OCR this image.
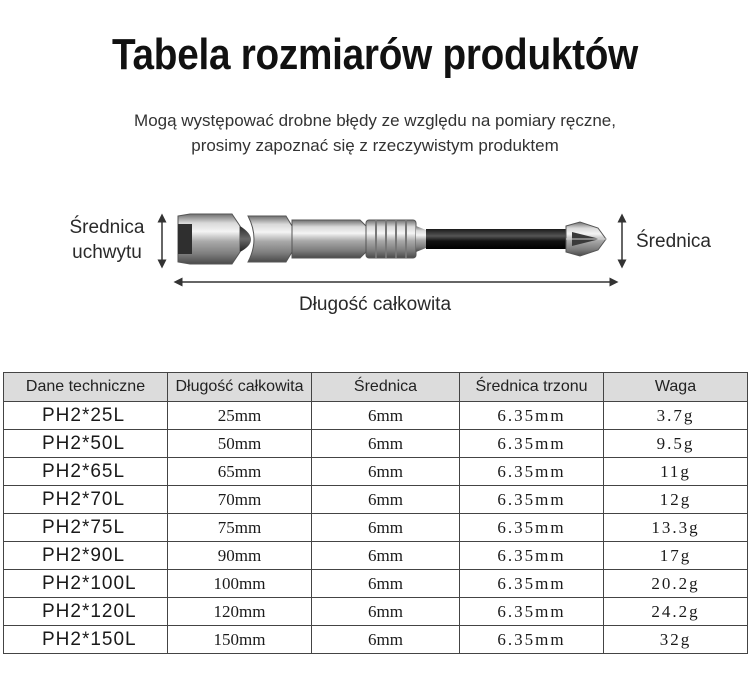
Tabela rozmiarów produktów
Mogą występować drobne błędy ze względu na pomiary ręczne,
prosimy zapoznać się z rzeczywistym produktem
Średnica
uchwytu
Średnica
Długość całkowita
Dane techniczne	Długość całkowita	Średnica	Średnica trzonu	Waga
PH2*25L	25mm	6mm	6.35mm	3.7g
PH2*50L	50mm	6mm	6.35mm	9.5g
PH2*65L	65mm	6mm	6.35mm	11g
PH2*70L	70mm	6mm	6.35mm	12g
PH2*75L	75mm	6mm	6.35mm	13.3g
PH2*90L	90mm	6mm	6.35mm	17g
PH2*100L	100mm	6mm	6.35mm	20.2g
PH2*120L	120mm	6mm	6.35mm	24.2g
PH2*150L	150mm	6mm	6.35mm	32g
